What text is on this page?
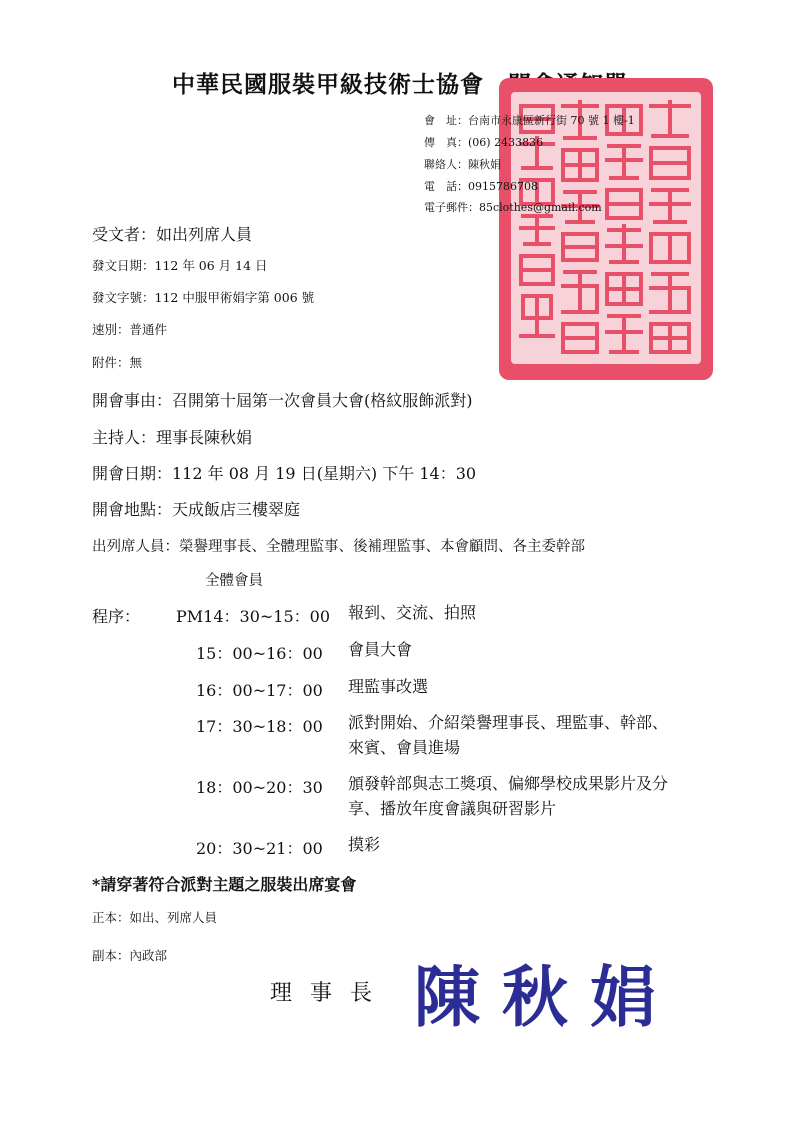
中華民國服裝甲級技術士協會
會　址：台南市永康區新行街 70 號 1 樓-1
傳　真：(06) 2433836
聯絡人：陳秋娟
電　話：0915786708
電子郵件：85clothes@gmail.com
受文者：如出列席人員
發文日期：112 年 06 月 14 日
發文字號：112 中服甲術娟字第 006 號
速別：普通件
附件：無
開會事由：召開第十屆第一次會員大會(格紋服飾派對)
主持人：理事長陳秋娟
開會日期：112 年 08 月 19 日(星期六) 下午 14：30
開會地點：天成飯店三樓翠庭
出列席人員：榮譽理事長、全體理監事、後補理監事、本會顧問、各主委幹部
全體會員
程序： PM14：30~15：00 報到、交流、拍照
15：00~16：00 會員大會
16：00~17：00 理監事改選
17：30~18：00 派對開始、介紹榮譽理事長、理監事、幹部、
來賓、會員進場
18：00~20：30 頒發幹部與志工獎項、偏鄉學校成果影片及分
享、播放年度會議與研習影片
20：30~21：00 摸彩
*請穿著符合派對主題之服裝出席宴會
正本：如出、列席人員
副本：內政部
理事長 陳秋娟
